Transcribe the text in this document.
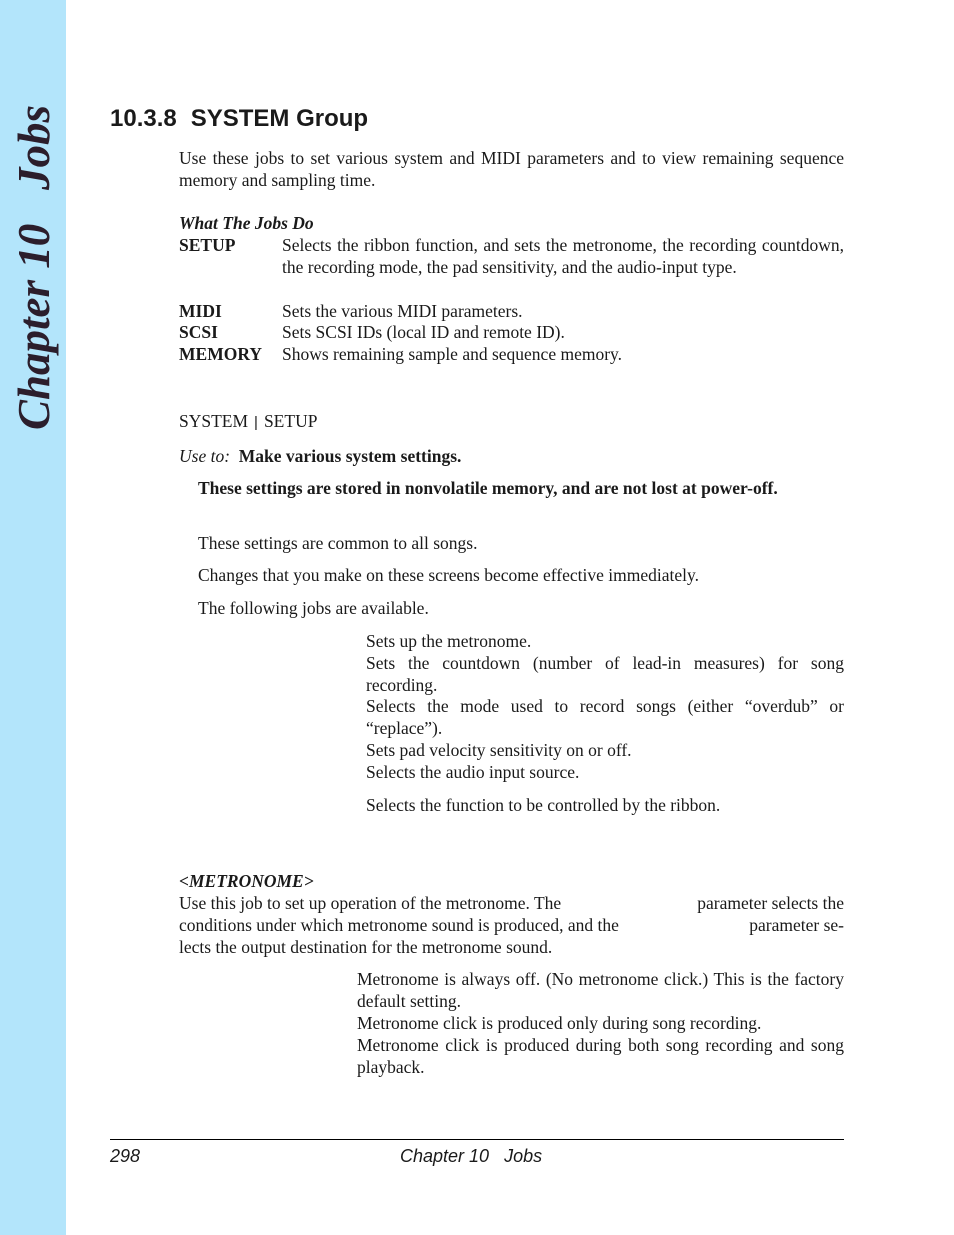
Chapter 10   Jobs 10.3.8 SYSTEM Group
Use these jobs to set various system and MIDI parameters and to view remaining sequence memory and sampling time.
What The Jobs Do
SETUP	Selects the ribbon function, and sets the metronome, the recording countdown, the recording mode, the pad sensitivity, and the audio-input type.
MIDI	Sets the various MIDI parameters.
SCSI	Sets SCSI IDs (local ID and remote ID).
MEMORY Shows remaining sample and sequence memory.
SYSTEM | SETUP
Use to: Make various system settings.
These settings are stored in nonvolatile memory, and are not lost at power-off.
These settings are common to all songs.
Changes that you make on these screens become effective immediately.
The following jobs are available.
Sets up the metronome.
Sets the countdown (number of lead-in measures) for song recording.
Selects the mode used to record songs (either “overdub” or “replace”).
Sets pad velocity sensitivity on or off.
Selects the audio input source.
Selects the function to be controlled by the ribbon.
<METRONOME>
Use this job to set up operation of the metronome. The	parameter selects the
conditions under which metronome sound is produced, and the	parameter se-
lects the output destination for the metronome sound.
Metronome is always off. (No metronome click.) This is the factory default setting.
Metronome click is produced only during song recording.
Metronome click is produced during both song recording and song playback.
298	Chapter 10 Jobs
